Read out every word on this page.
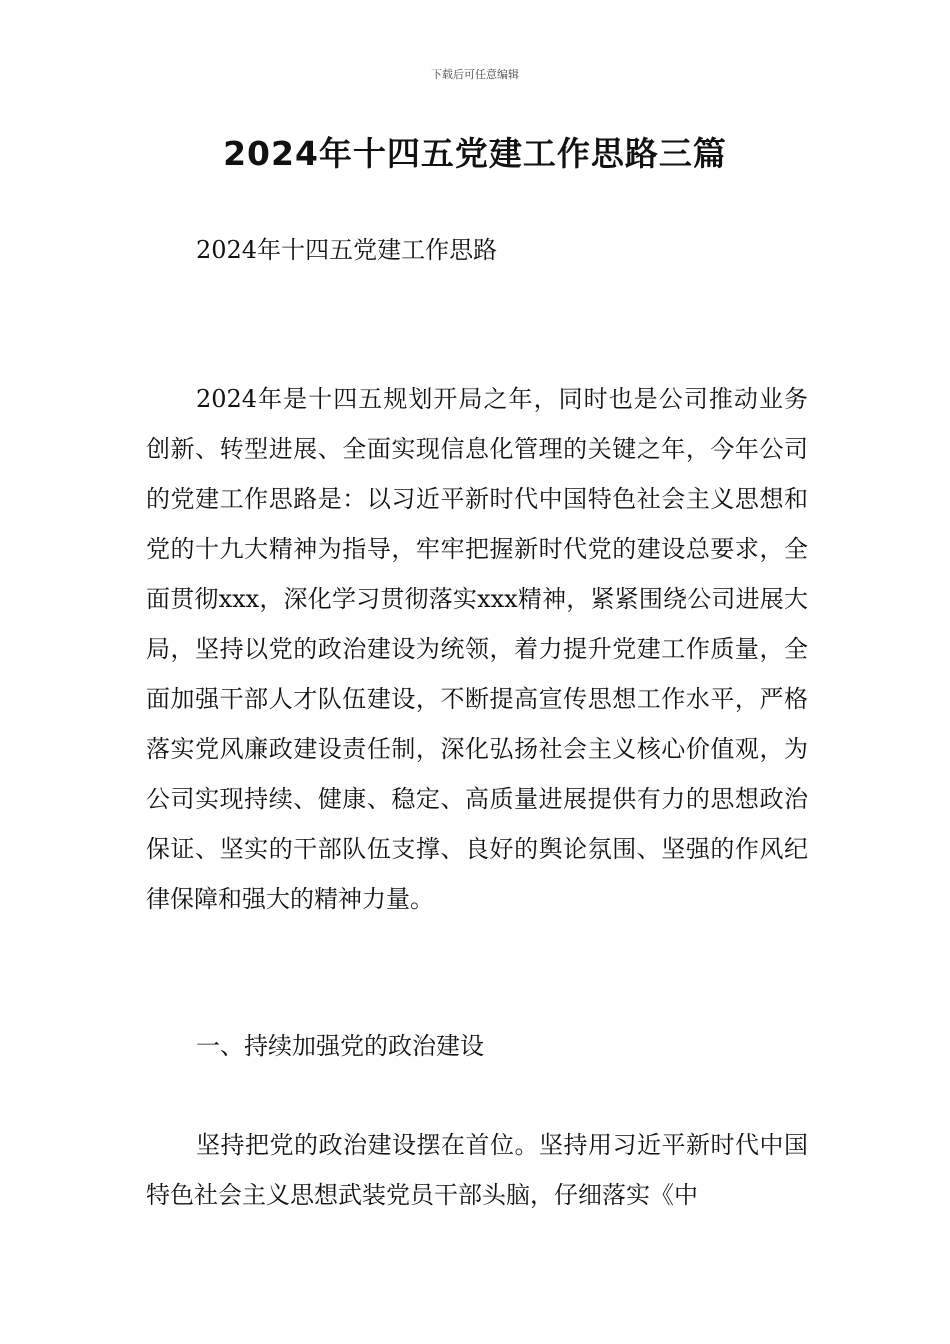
下载后可任意编辑
2024年十四五党建工作思路三篇

2024年十四五党建工作思路

2024年是十四五规划开局之年，同时也是公司推动业务创新、转型进展、全面实现信息化管理的关键之年，今年公司的党建工作思路是：以习近平新时代中国特色社会主义思想和党的十九大精神为指导，牢牢把握新时代党的建设总要求，全面贯彻xxx，深化学习贯彻落实xxx精神，紧紧围绕公司进展大局，坚持以党的政治建设为统领，着力提升党建工作质量，全面加强干部人才队伍建设，不断提高宣传思想工作水平，严格落实党风廉政建设责任制，深化弘扬社会主义核心价值观，为公司实现持续、健康、稳定、高质量进展提供有力的思想政治保证、坚实的干部队伍支撑、良好的舆论氛围、坚强的作风纪律保障和强大的精神力量。

一、持续加强党的政治建设

坚持把党的政治建设摆在首位。坚持用习近平新时代中国特色社会主义思想武装党员干部头脑，仔细落实《中
